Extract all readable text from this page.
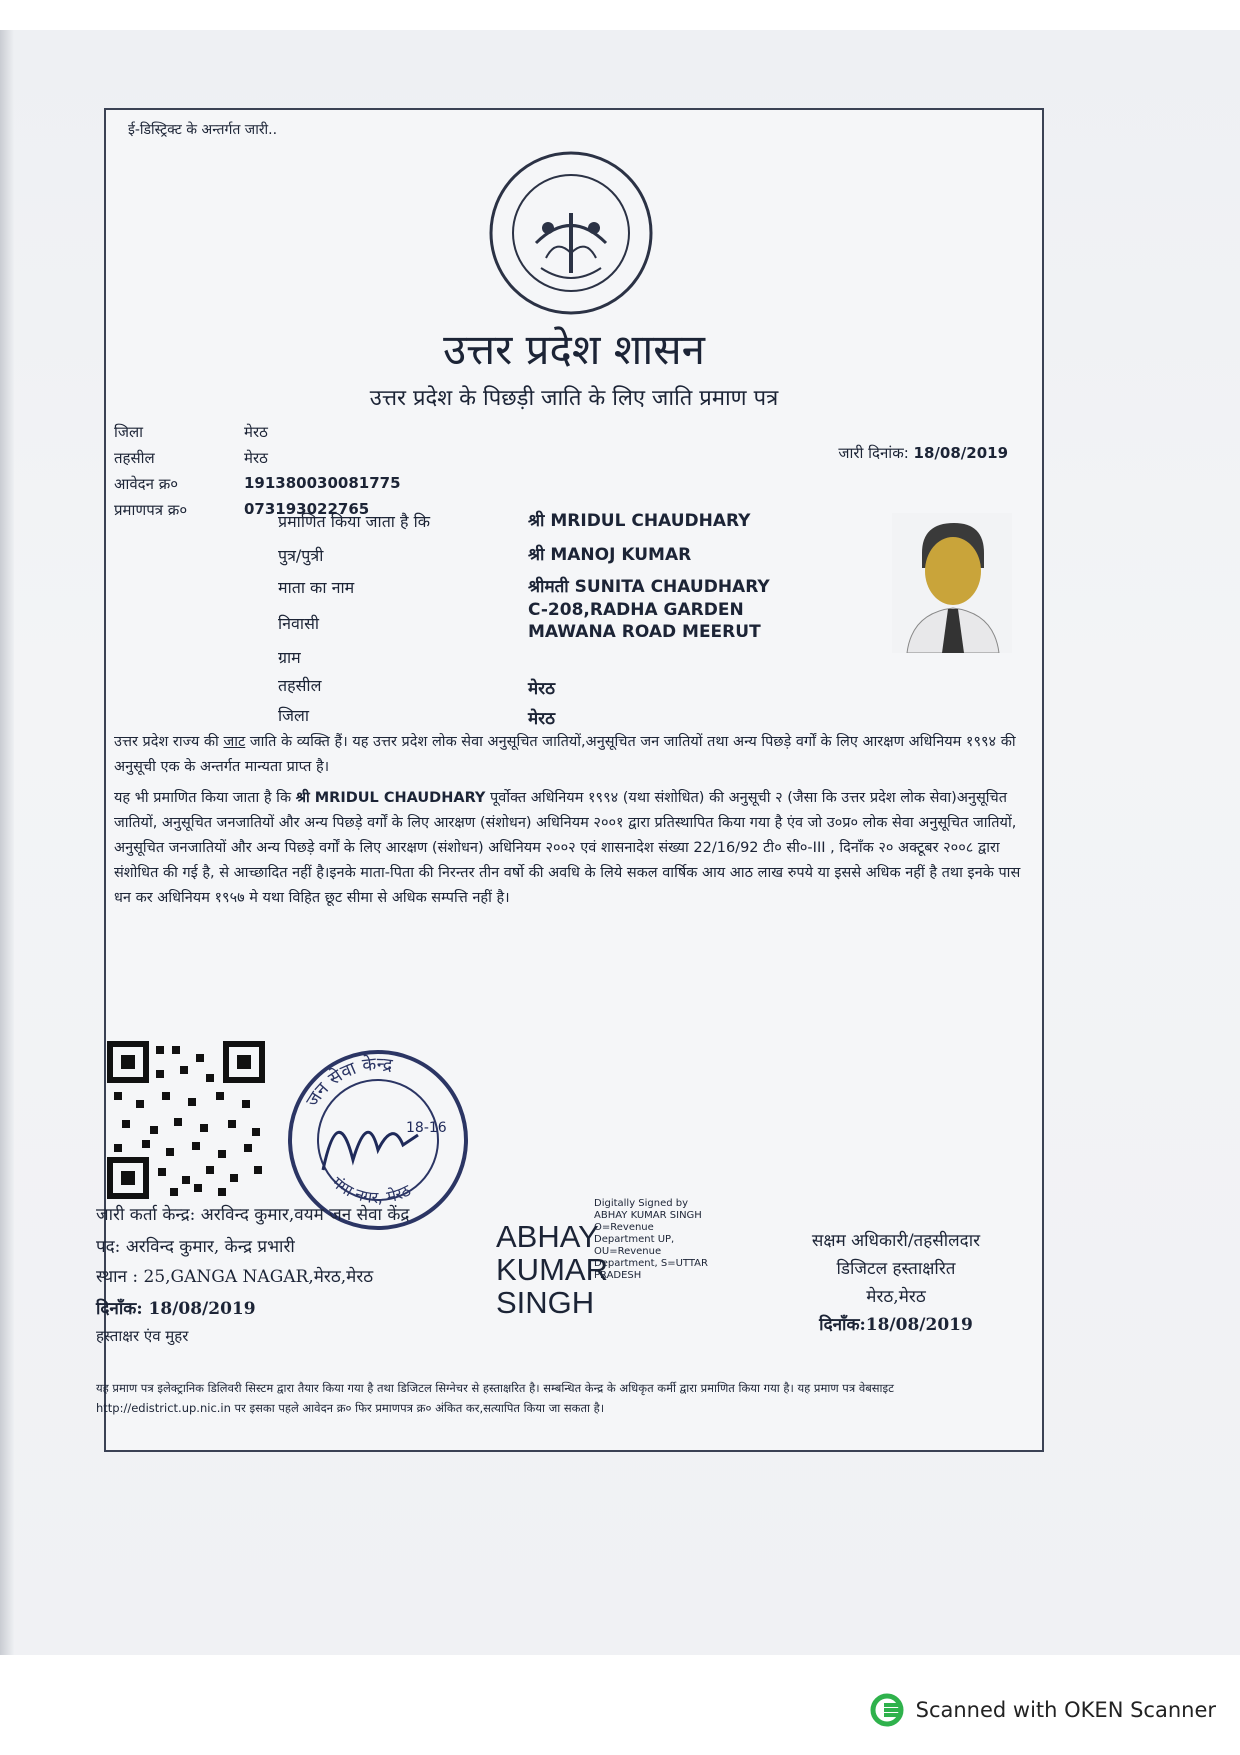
ई-डिस्ट्रिक्ट के अन्तर्गत जारी..
उत्तर प्रदेश शासन
उत्तर प्रदेश के पिछड़ी जाति के लिए जाति प्रमाण पत्र
जिला	मेरठ
तहसील	मेरठ
आवेदन क्र०	191380030081775
प्रमाणपत्र क्र०	073193022765
जारी दिनांक: 18/08/2019
प्रमाणित किया जाता है कि	श्री MRIDUL CHAUDHARY
पुत्र/पुत्री	श्री MANOJ KUMAR
माता का नाम	श्रीमती SUNITA CHAUDHARY
निवासी
C-208,RADHA GARDEN
MAWANA ROAD MEERUT
ग्राम
तहसील	मेरठ
जिला	मेरठ
उत्तर प्रदेश राज्य की जाट जाति के व्यक्ति हैं। यह उत्तर प्रदेश लोक सेवा अनुसूचित जातियों,अनुसूचित जन जातियों तथा अन्य पिछड़े वर्गों के लिए आरक्षण अधिनियम १९९४ की अनुसूची एक के अन्तर्गत मान्यता प्राप्त है।
यह भी प्रमाणित किया जाता है कि श्री MRIDUL CHAUDHARY पूर्वोक्त अधिनियम १९९४ (यथा संशोधित) की अनुसूची २ (जैसा कि उत्तर प्रदेश लोक सेवा)अनुसूचित जातियों, अनुसूचित जनजातियों और अन्य पिछड़े वर्गों के लिए आरक्षण (संशोधन) अधिनियम २००१ द्वारा प्रतिस्थापित किया गया है एंव जो उ०प्र० लोक सेवा अनुसूचित जातियों, अनुसूचित जनजातियों और अन्य पिछड़े वर्गों के लिए आरक्षण (संशोधन) अधिनियम २००२ एवं शासनादेश संख्या 22/16/92 टी० सी०-III , दिनाँक २० अक्टूबर २००८ द्वारा संशोधित की गई है, से आच्छादित नहीं है।इनके माता-पिता की निरन्तर तीन वर्षो की अवधि के लिये सकल वार्षिक आय आठ लाख रुपये या इससे अधिक नहीं है तथा इनके पास धन कर अधिनियम १९५७ मे यथा विहित छूट सीमा से अधिक सम्पत्ति नहीं है।
जन सेवा केन्द्र
गंगा नगर, मेरठ
18-16
जारी कर्ता केन्द्र: अरविन्द कुमार,वयम जन सेवा केंद्र
पद: अरविन्द कुमार, केन्द्र प्रभारी
स्थान : 25,GANGA NAGAR,मेरठ,मेरठ
दिनाँक: 18/08/2019
हस्ताक्षर एंव मुहर
ABHAY
KUMAR
SINGH
Digitally Signed by ABHAY KUMAR SINGH O=Revenue Department UP, OU=Revenue Department, S=UTTAR PRADESH
सक्षम अधिकारी/तहसीलदार
डिजिटल हस्ताक्षरित
मेरठ,मेरठ
दिनाँक:18/08/2019
यह प्रमाण पत्र इलेक्ट्रानिक डिलिवरी सिस्टम द्वारा तैयार किया गया है तथा डिजिटल सिग्नेचर से हस्ताक्षरित है। सम्बन्धित केन्द्र के अधिकृत कर्मी द्वारा प्रमाणित किया गया है। यह प्रमाण पत्र वेबसाइट http://edistrict.up.nic.in पर इसका पहले आवेदन क्र० फिर प्रमाणपत्र क्र० अंकित कर,सत्यापित किया जा सकता है।
Scanned with OKEN Scanner
